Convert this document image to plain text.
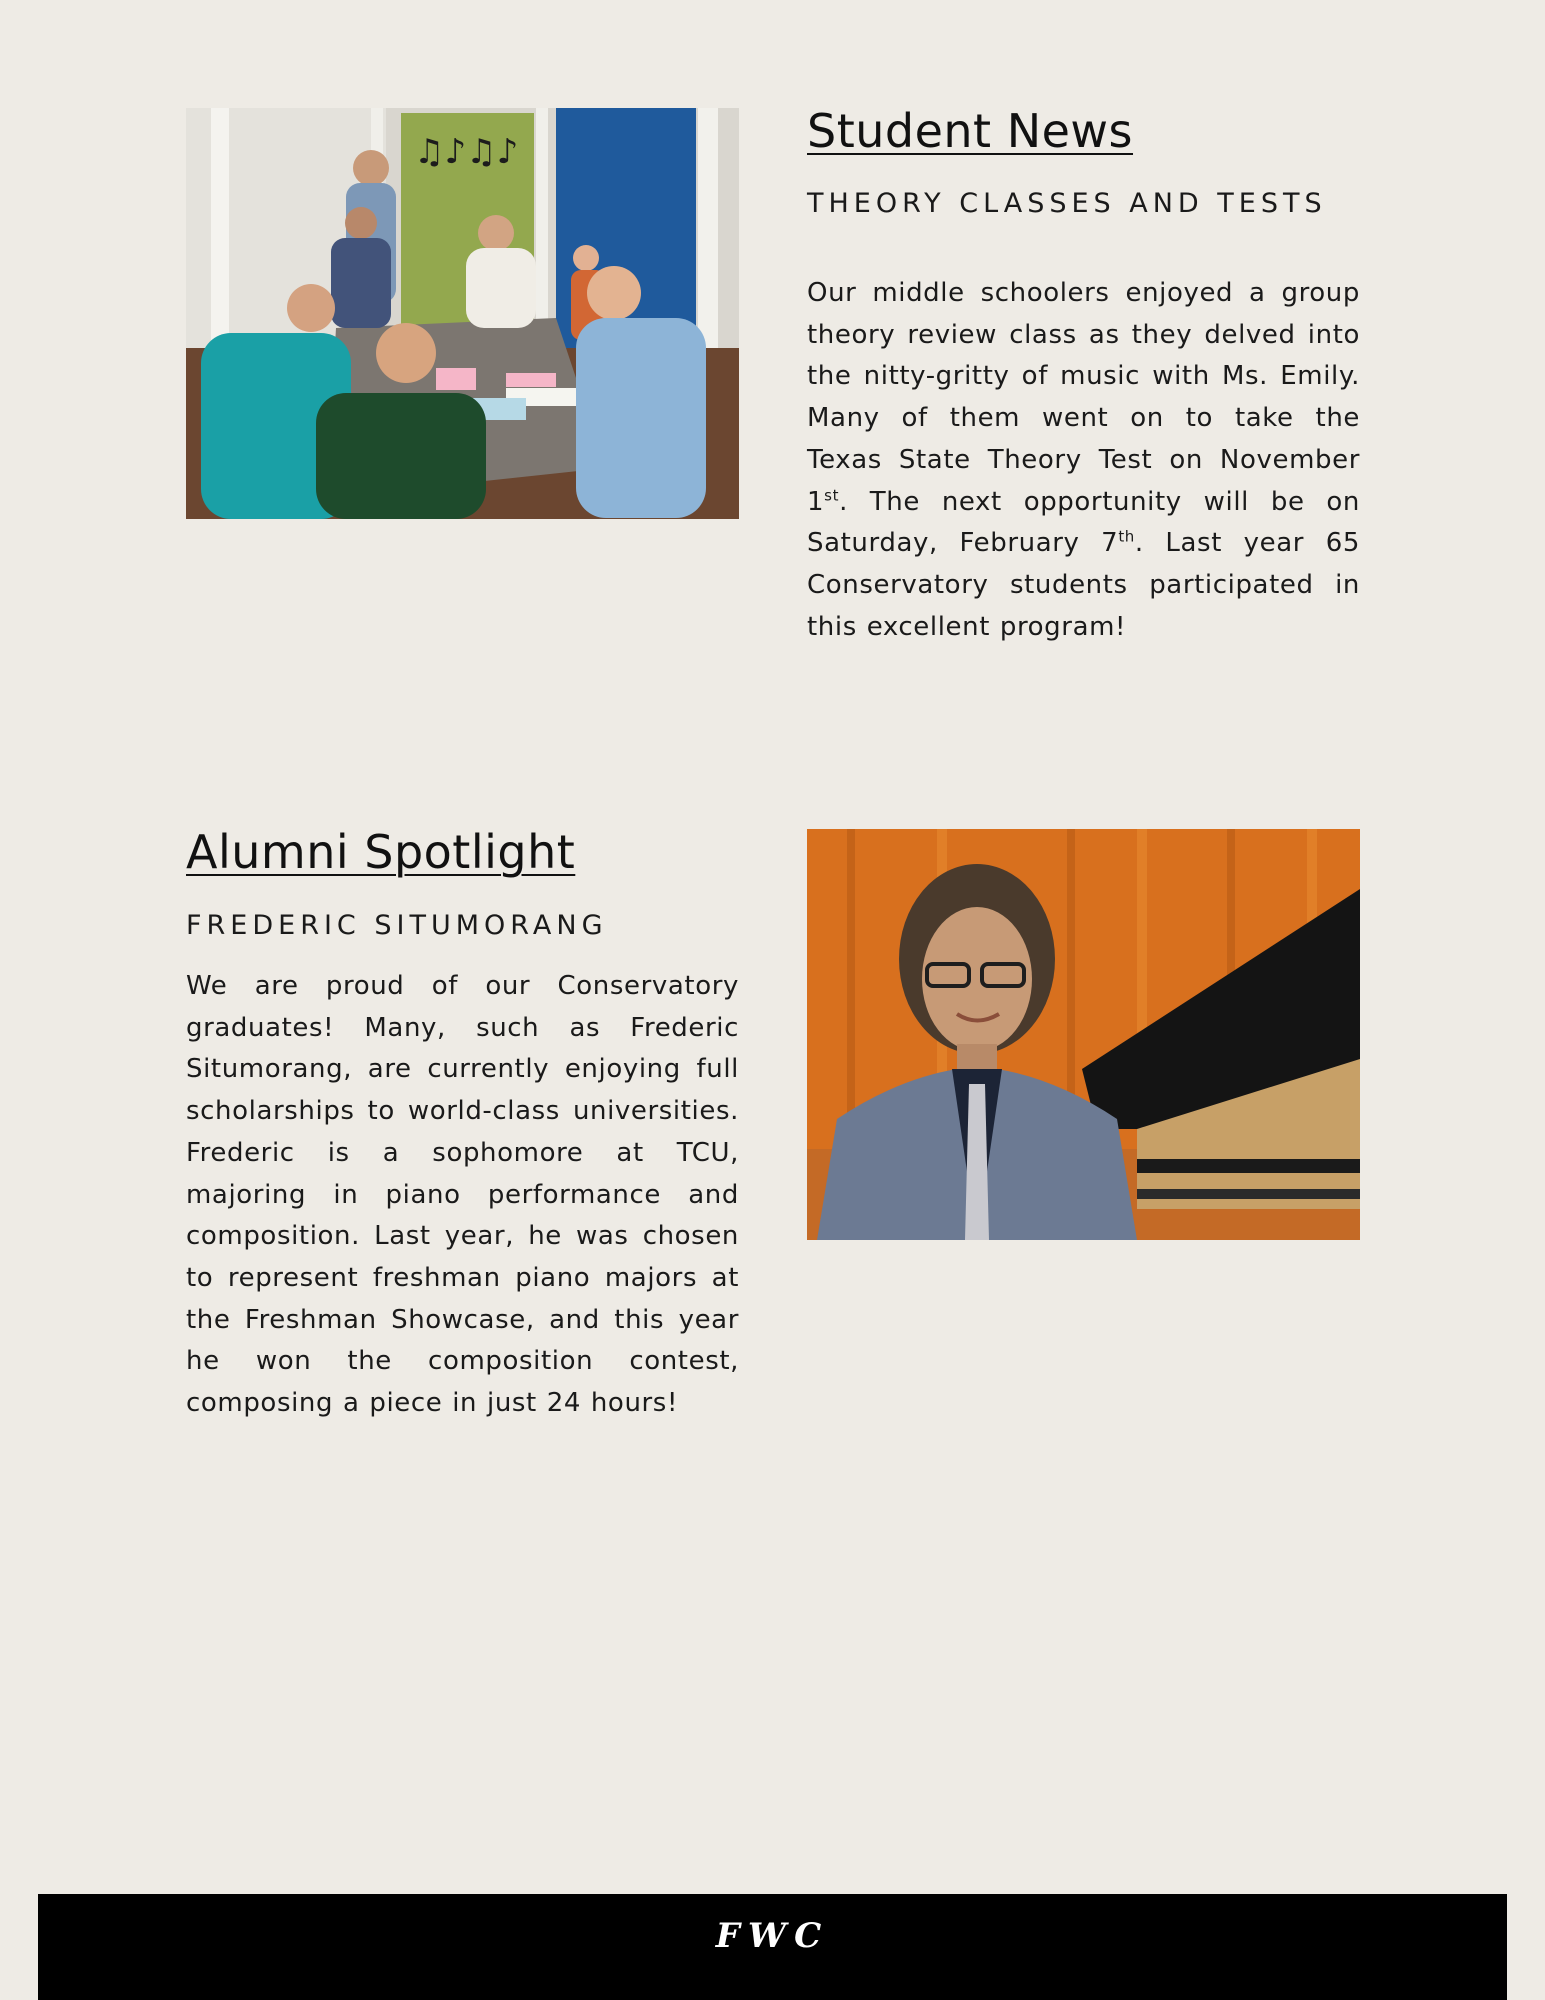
♫♪♫♪	Student News
THEORY CLASSES AND TESTS

Our middle schoolers enjoyed a group theory review class as they delved into the nitty-gritty of music with Ms. Emily. Many of them went on to take the Texas State Theory Test on November 1st. The next opportunity will be on Saturday, February 7th. Last year 65 Conservatory students participated in this excellent program!

Alumni Spotlight
FREDERIC SITUMORANG

We are proud of our Conservatory graduates! Many, such as Frederic Situmorang, are currently enjoying full scholarships to world-class universities. Frederic is a sophomore at TCU, majoring in piano performance and composition. Last year, he was chosen to represent freshman piano majors at the Freshman Showcase, and this year he won the composition contest, composing a piece in just 24 hours!

FWC
